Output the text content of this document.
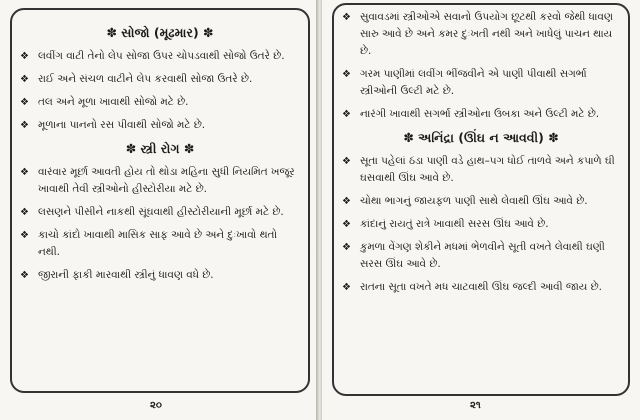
✽ સોજો (મૂઢમાર) ✽
❖ લવીંગ વાટી તેનો લેપ સોજા ઉપર ચોપડવાથી સોજો ઉતરે છે.
❖ રાઈ અને સંચળ વાટીને લેપ કરવાથી સોજા ઉતરે છે.
❖ તલ અને મૂળા ખાવાથી સોજો મટે છે.
❖ મૂળાના પાનનો રસ પીવાથી સોજો મટે છે.
✽ સ્ત્રી રોગ ✽
❖ વારંવાર મૂર્છા આવતી હોય તો થોડા મહિના સુધી નિયમિત ખજૂર ખાવાથી તેવી સ્ત્રીઓનો હીસ્ટોરીયા મટે છે.
❖ લસણને પીસીને નાકથી સૂંઘવાથી હીસ્ટોરીયાની મૂર્છા મટે છે.
❖ કાચો કાંદો ખાવાથી માસિક સાફ આવે છે અને દુઃખાવો થતો નથી.
❖ જીરાની ફાકી મારવાથી સ્ત્રીનું ધાવણ વધે છે.
૨૦
❖ સુવાવડમાં સ્ત્રીઓએ સવાનો ઉપયોગ છૂટથી કરવો જેથી ધાવણ સારુ આવે છે અને કમર દુઃખતી નથી અને ખાધેલું પાચન થાય છે.
❖ ગરમ પાણીમાં લવીંગ ભીંજવીને એ પાણી પીવાથી સગર્ભા સ્ત્રીઓની ઉલ્ટી મટે છે.
❖ નારંગી ખાવાથી સગર્ભા સ્ત્રીઓના ઉબકા અને ઉલ્ટી મટે છે.
✽ અનિંદ્રા (ઊંઘ ન આવવી) ✽
❖ સૂતા પહેલાં ઠંડા પાણી વડે હાથ–પગ ધોઈ તાળવે અને કપાળે ઘી ઘસવાથી ઊંઘ આવે છે.
❖ ચોથા ભાગનું જાયફળ પાણી સાથે લેવાથી ઊંઘ આવે છે.
❖ કાંદાનું રાયતું રાત્રે ખાવાથી સરસ ઊંઘ આવે છે.
❖ કુમળા વેંગણ શેકીને મધમાં ભેળવીને સૂતી વખતે લેવાથી ઘણી સરસ ઊંઘ આવે છે.
❖ રાતના સૂતા વખતે મધ ચાટવાથી ઊંઘ જલ્દી આવી જાય છે.
૨૧
